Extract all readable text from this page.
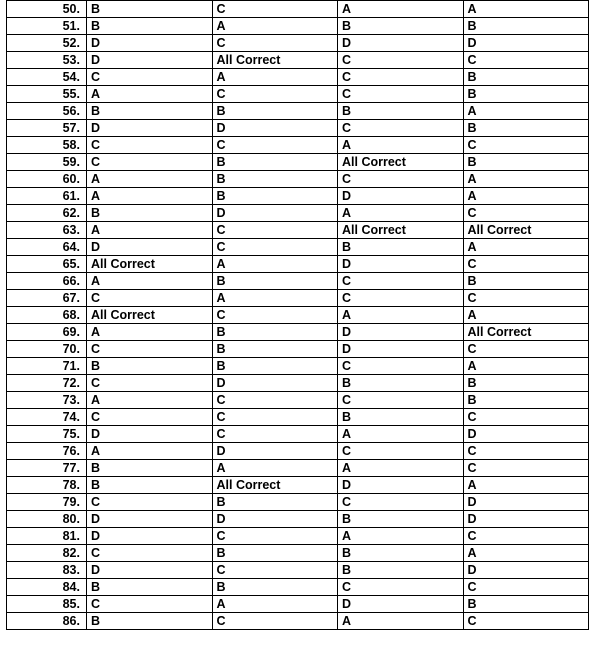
50.	B	C	A	A
51.	B	A	B	B
52.	D	C	D	D
53.	D	All Correct	C	C
54.	C	A	C	B
55.	A	C	C	B
56.	B	B	B	A
57.	D	D	C	B
58.	C	C	A	C
59.	C	B	All Correct	B
60.	A	B	C	A
61.	A	B	D	A
62.	B	D	A	C
63.	A	C	All Correct	All Correct
64.	D	C	B	A
65.	All Correct	A	D	C
66.	A	B	C	B
67.	C	A	C	C
68.	All Correct	C	A	A
69.	A	B	D	All Correct
70.	C	B	D	C
71.	B	B	C	A
72.	C	D	B	B
73.	A	C	C	B
74.	C	C	B	C
75.	D	C	A	D
76.	A	D	C	C
77.	B	A	A	C
78.	B	All Correct	D	A
79.	C	B	C	D
80.	D	D	B	D
81.	D	C	A	C
82.	C	B	B	A
83.	D	C	B	D
84.	B	B	C	C
85.	C	A	D	B
86.	B	C	A	C
